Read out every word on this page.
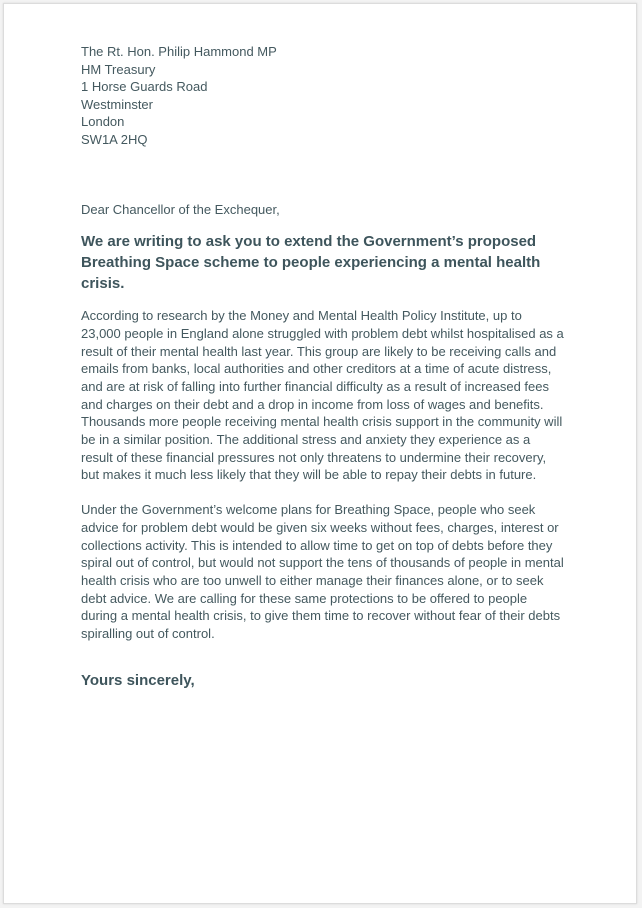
The Rt. Hon. Philip Hammond MP
HM Treasury
1 Horse Guards Road
Westminster
London
SW1A 2HQ
Dear Chancellor of the Exchequer,
We are writing to ask you to extend the Government’s proposed Breathing Space scheme to people experiencing a mental health crisis.
According to research by the Money and Mental Health Policy Institute, up to 23,000 people in England alone struggled with problem debt whilst hospitalised as a result of their mental health last year. This group are likely to be receiving calls and emails from banks, local authorities and other creditors at a time of acute distress, and are at risk of falling into further financial difficulty as a result of increased fees and charges on their debt and a drop in income from loss of wages and benefits. Thousands more people receiving mental health crisis support in the community will be in a similar position. The additional stress and anxiety they experience as a result of these financial pressures not only threatens to undermine their recovery, but makes it much less likely that they will be able to repay their debts in future.
Under the Government’s welcome plans for Breathing Space, people who seek advice for problem debt would be given six weeks without fees, charges, interest or collections activity. This is intended to allow time to get on top of debts before they spiral out of control, but would not support the tens of thousands of people in mental health crisis who are too unwell to either manage their finances alone, or to seek debt advice. We are calling for these same protections to be offered to people during a mental health crisis, to give them time to recover without fear of their debts spiralling out of control.
Yours sincerely,
